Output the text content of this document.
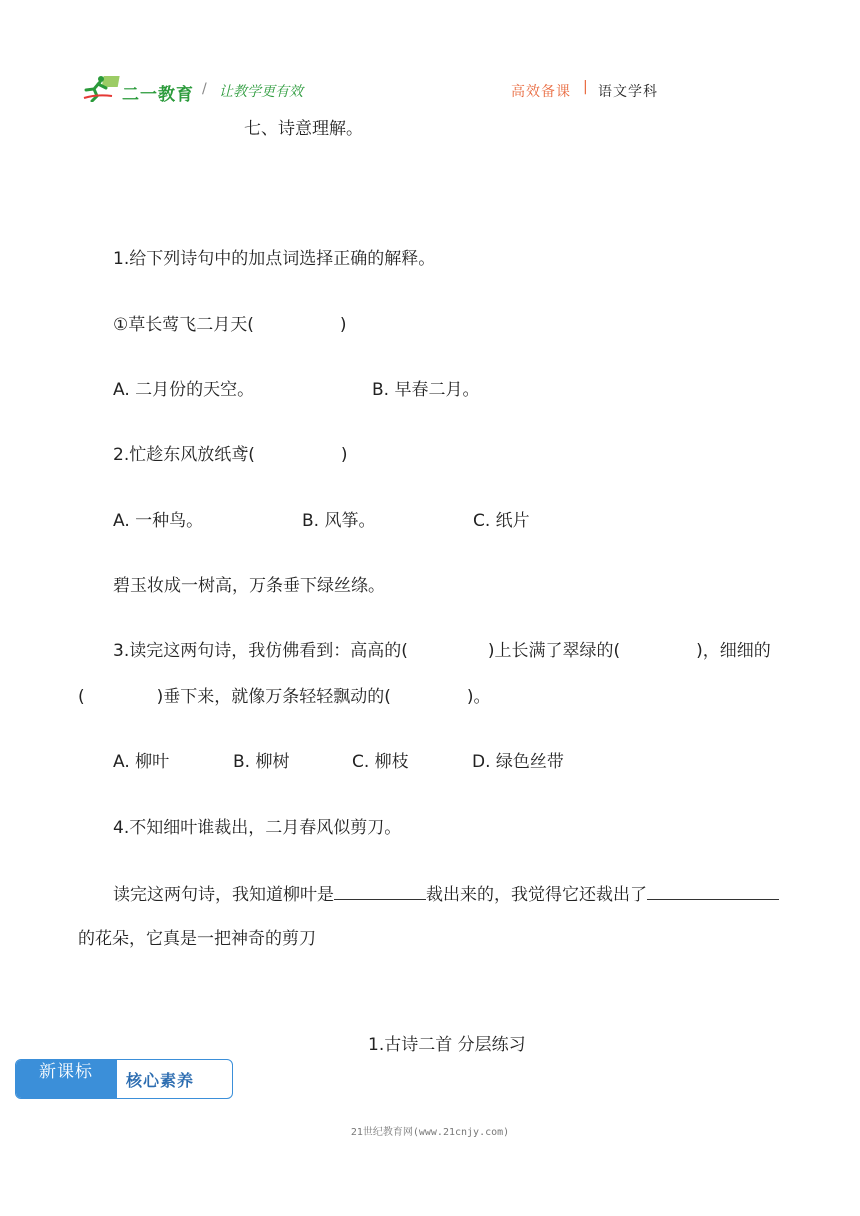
二一教育 / 让教学更有效	高效备课 | 语文学科
七、诗意理解。
1.给下列诗句中的加点词选择正确的解释。
①草长莺飞二月天(	)
A. 二月份的天空。	B. 早春二月。
2.忙趁东风放纸鸢(	)
A. 一种鸟。	B. 风筝。	C. 纸片
碧玉妆成一树高，万条垂下绿丝绦。
3.读完这两句诗，我仿佛看到：高高的(	)上长满了翠绿的(	)，细细的
(	)垂下来，就像万条轻轻飘动的(	)。
A. 柳叶	B. 柳树	C. 柳枝	D. 绿色丝带
4.不知细叶谁裁出，二月春风似剪刀。
读完这两句诗，我知道柳叶是	裁出来的，我觉得它还裁出了
的花朵，它真是一把神奇的剪刀
1.古诗二首 分层练习
新课标	核心素养
21世纪教育网(www.21cnjy.com)
